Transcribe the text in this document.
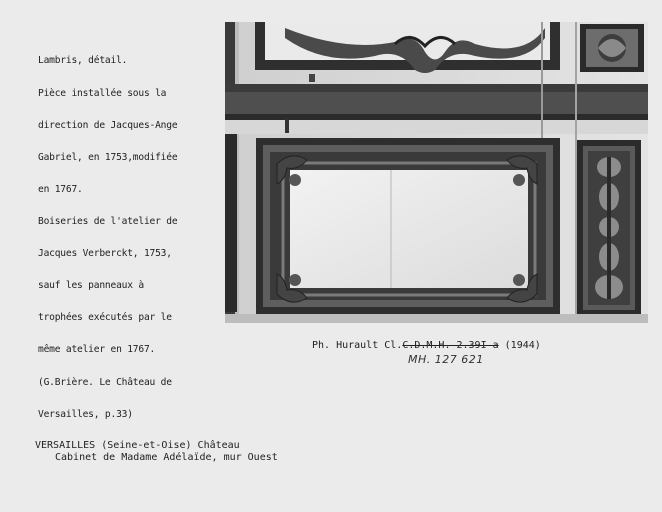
Lambris, détail.

Pièce installée sous la

direction de Jacques-Ange

Gabriel, en 1753,modifiée

en 1767.

Boiseries de l'atelier de

Jacques Verberckt, 1753,

sauf les panneaux à

trophées exécutés par le

même atelier en 1767.

(G.Brière. Le Château de

Versailles, p.33)

Ph. Hurault Cl.C.D.M.H. 2.39I a (1944)
MH. 127 621
VERSAILLES (Seine-et-Oise) Château
Cabinet de Madame Adélaïde, mur Ouest
